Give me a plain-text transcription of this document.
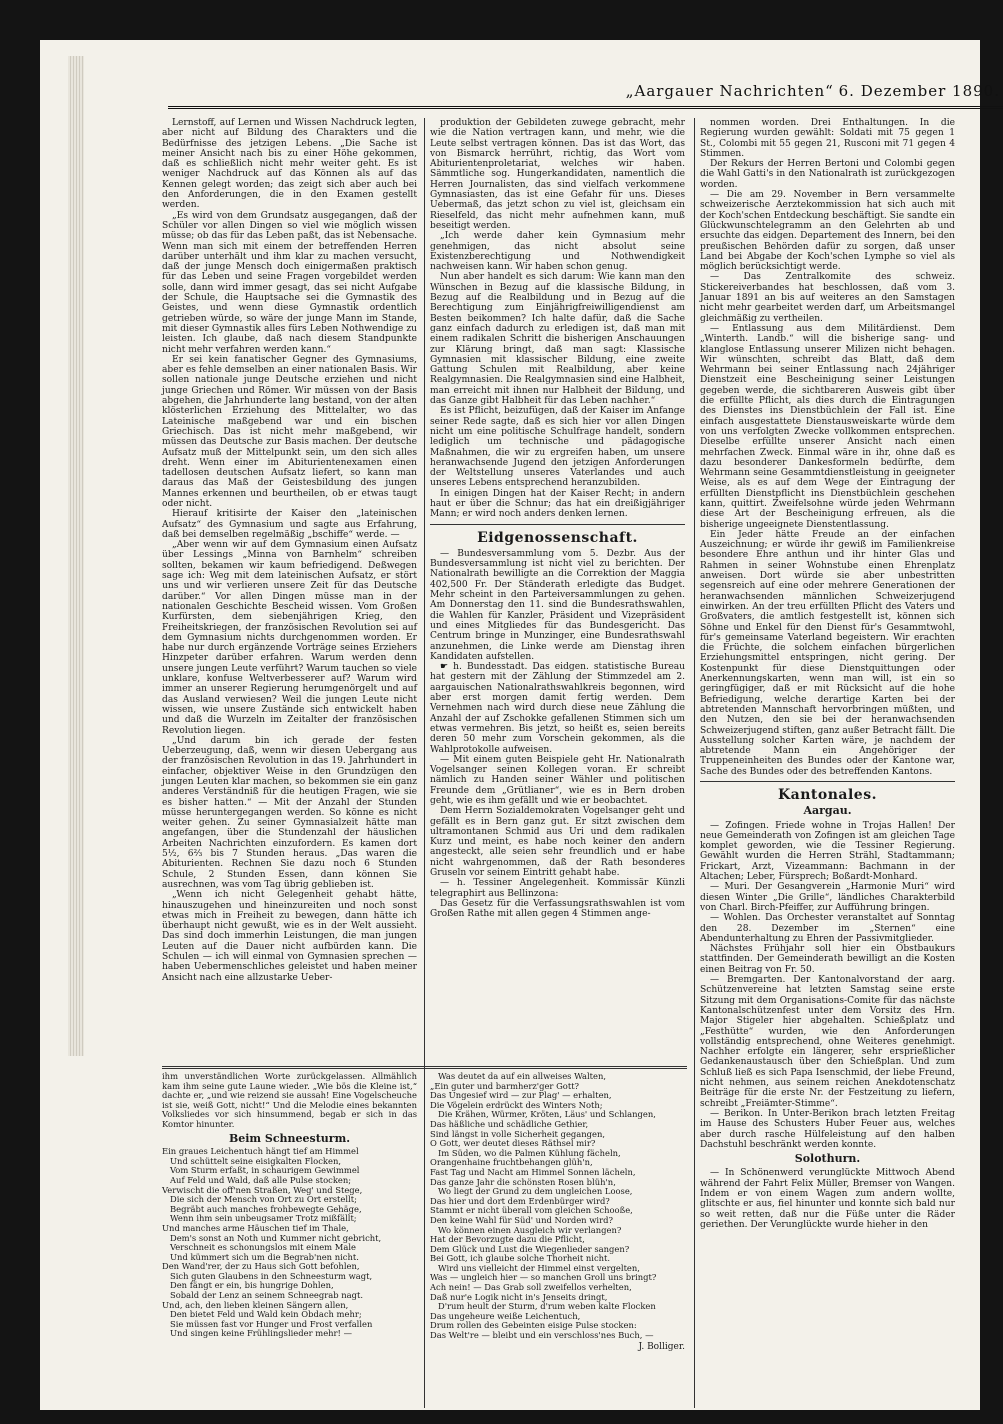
„Aargauer Nachrichten“ 6. Dezember 1890.

Lernstoff, auf Lernen und Wissen Nachdruck legten, aber nicht auf Bildung des Charakters und die Bedürfnisse des jetzigen Lebens. „Die Sache ist meiner Ansicht nach bis zu einer Höhe gekommen, daß es schließlich nicht mehr weiter geht. Es ist weniger Nachdruck auf das Können als auf das Kennen gelegt worden; das zeigt sich aber auch bei den Anforderungen, die in den Examen gestellt werden.

„Es wird von dem Grundsatz ausgegangen, daß der Schüler vor allen Dingen so viel wie möglich wissen müsse; ob das für das Leben paßt, das ist Nebensache. Wenn man sich mit einem der betreffenden Herren darüber unterhält und ihm klar zu machen versucht, daß der junge Mensch doch einigermaßen praktisch für das Leben und seine Fragen vorgebildet werden solle, dann wird immer gesagt, das sei nicht Aufgabe der Schule, die Hauptsache sei die Gymnastik des Geistes, und wenn diese Gymnastik ordentlich getrieben würde, so wäre der junge Mann im Stande, mit dieser Gymnastik alles fürs Leben Nothwendige zu leisten. Ich glaube, daß nach diesem Standpunkte nicht mehr verfahren werden kann.“

Er sei kein fanatischer Gegner des Gymnasiums, aber es fehle demselben an einer nationalen Basis. Wir sollen nationale junge Deutsche erziehen und nicht junge Griechen und Römer. Wir müssen von der Basis abgehen, die Jahrhunderte lang bestand, von der alten klösterlichen Erziehung des Mittelalter, wo das Lateinische maßgebend war und ein bischen Griechisch. Das ist nicht mehr maßgebend, wir müssen das Deutsche zur Basis machen. Der deutsche Aufsatz muß der Mittelpunkt sein, um den sich alles dreht. Wenn einer im Abiturientenexamen einen tadellosen deutschen Aufsatz liefert, so kann man daraus das Maß der Geistesbildung des jungen Mannes erkennen und beurtheilen, ob er etwas taugt oder nicht.

Hierauf kritisirte der Kaiser den „lateinischen Aufsatz“ des Gymnasium und sagte aus Erfahrung, daß bei demselben regelmäßig „bschiffe“ werde. —

„Aber wenn wir auf dem Gymnasium einen Aufsatz über Lessings „Minna von Barnhelm“ schreiben sollten, bekamen wir kaum befriedigend. Deßwegen sage ich: Weg mit dem lateinischen Aufsatz, er stört uns und wir verlieren unsere Zeit für das Deutsche darüber.“ Vor allen Dingen müsse man in der nationalen Geschichte Bescheid wissen. Vom Großen Kurfürsten, dem siebenjährigen Krieg, den Freiheitskriegen, der französischen Revolution sei auf dem Gymnasium nichts durchgenommen worden. Er habe nur durch ergänzende Vorträge seines Erziehers Hinzpeter darüber erfahren. Warum werden denn unsere jungen Leute verführt? Warum tauchen so viele unklare, konfuse Weltverbesserer auf? Warum wird immer an unserer Regierung herumgenörgelt und auf das Ausland verwiesen? Weil die jungen Leute nicht wissen, wie unsere Zustände sich entwickelt haben und daß die Wurzeln im Zeitalter der französischen Revolution liegen.

„Und darum bin ich gerade der festen Ueberzeugung, daß, wenn wir diesen Uebergang aus der französischen Revolution in das 19. Jahrhundert in einfacher, objektiver Weise in den Grundzügen den jungen Leuten klar machen, so bekommen sie ein ganz anderes Verständniß für die heutigen Fragen, wie sie es bisher hatten.“ — Mit der Anzahl der Stunden müsse heruntergegangen werden. So könne es nicht weiter gehen. Zu seiner Gymnasialzeit hätte man angefangen, über die Stundenzahl der häuslichen Arbeiten Nachrichten einzufordern. Es kamen dort 5½, 6⅔ bis 7 Stunden heraus. „Das waren die Abiturienten. Rechnen Sie dazu noch 6 Stunden Schule, 2 Stunden Essen, dann können Sie ausrechnen, was vom Tag übrig geblieben ist.

„Wenn ich nicht Gelegenheit gehabt hätte, hinauszugehen und hineinzureiten und noch sonst etwas mich in Freiheit zu bewegen, dann hätte ich überhaupt nicht gewußt, wie es in der Welt aussieht. Das sind doch immerhin Leistungen, die man jungen Leuten auf die Dauer nicht aufbürden kann. Die Schulen — ich will einmal von Gymnasien sprechen — haben Uebermenschliches geleistet und haben meiner Ansicht nach eine allzustarke Ueber-

produktion der Gebildeten zuwege gebracht, mehr wie die Nation vertragen kann, und mehr, wie die Leute selbst vertragen können. Das ist das Wort, das von Bismarck herrührt, richtig, das Wort vom Abiturientenproletariat, welches wir haben. Sämmtliche sog. Hungerkandidaten, namentlich die Herren Journalisten, das sind vielfach verkommene Gymnasiasten, das ist eine Gefahr für uns. Dieses Uebermaß, das jetzt schon zu viel ist, gleichsam ein Rieselfeld, das nicht mehr aufnehmen kann, muß beseitigt werden.

„Ich werde daher kein Gymnasium mehr genehmigen, das nicht absolut seine Existenzberechtigung und Nothwendigkeit nachweisen kann. Wir haben schon genug.

Nun aber handelt es sich darum: Wie kann man den Wünschen in Bezug auf die klassische Bildung, in Bezug auf die Realbildung und in Bezug auf die Berechtigung zum Einjährigfreiwilligendienst am Besten beikommen? Ich halte dafür, daß die Sache ganz einfach dadurch zu erledigen ist, daß man mit einem radikalen Schritt die bisherigen Anschauungen zur Klärung bringt, daß man sagt: Klassische Gymnasien mit klassischer Bildung, eine zweite Gattung Schulen mit Realbildung, aber keine Realgymnasien. Die Realgymnasien sind eine Halbheit, man erreicht mit ihnen nur Halbheit der Bildung, und das Ganze gibt Halbheit für das Leben nachher.“

Es ist Pflicht, beizufügen, daß der Kaiser im Anfange seiner Rede sagte, daß es sich hier vor allen Dingen nicht um eine politische Schulfrage handelt, sondern lediglich um technische und pädagogische Maßnahmen, die wir zu ergreifen haben, um unsere heranwachsende Jugend den jetzigen Anforderungen der Weltstellung unseres Vaterlandes und auch unseres Lebens entsprechend heranzubilden.

In einigen Dingen hat der Kaiser Recht; in andern haut er über die Schnur; das hat ein dreißigjähriger Mann; er wird noch anders denken lernen.

Eidgenossenschaft.

— Bundesversammlung vom 5. Dezbr. Aus der Bundesversammlung ist nicht viel zu berichten. Der Nationalrath bewilligte an die Correktion der Maggia 402,500 Fr. Der Ständerath erledigte das Budget. Mehr scheint in den Parteiversammlungen zu gehen. Am Donnerstag den 11. sind die Bundesrathswahlen, die Wahlen für Kanzler, Präsident und Vizepräsident und eines Mitgliedes für das Bundesgericht. Das Centrum bringe in Munzinger, eine Bundesrathswahl anzunehmen, die Linke werde am Dienstag ihren Kandidaten aufstellen.

☛ h. Bundesstadt. Das eidgen. statistische Bureau hat gestern mit der Zählung der Stimmzedel am 2. aargauischen Nationalrathswahlkreis begonnen, wird aber erst morgen damit fertig werden. Dem Vernehmen nach wird durch diese neue Zählung die Anzahl der auf Zschokke gefallenen Stimmen sich um etwas vermehren. Bis jetzt, so heißt es, seien bereits deren 50 mehr zum Vorschein gekommen, als die Wahlprotokolle aufweisen.

— Mit einem guten Beispiele geht Hr. Nationalrath Vogelsanger seinen Kollegen voran. Er schreibt nämlich zu Handen seiner Wähler und politischen Freunde dem „Grütlianer“, wie es in Bern droben geht, wie es ihm gefällt und wie er beobachtet.

Dem Herrn Sozialdemokraten Vogelsanger geht und gefällt es in Bern ganz gut. Er sitzt zwischen dem ultramontanen Schmid aus Uri und dem radikalen Kurz und meint, es habe noch keiner den andern angesteckt, alle seien sehr freundlich und er habe nicht wahrgenommen, daß der Rath besonderes Gruseln vor seinem Eintritt gehabt habe.

— h. Tessiner Angelegenheit. Kommissär Künzli telegraphirt aus Bellinzona:

Das Gesetz für die Verfassungsrathswahlen ist vom Großen Rathe mit allen gegen 4 Stimmen ange-

nommen worden. Drei Enthaltungen. In die Regierung wurden gewählt: Soldati mit 75 gegen 1 St., Colombi mit 55 gegen 21, Rusconi mit 71 gegen 4 Stimmen.

Der Rekurs der Herren Bertoni und Colombi gegen die Wahl Gatti's in den Nationalrath ist zurückgezogen worden.

— Die am 29. November in Bern versammelte schweizerische Aerztekommission hat sich auch mit der Koch'schen Entdeckung beschäftigt. Sie sandte ein Glückwunschtelegramm an den Gelehrten ab und ersuchte das eidgen. Departement des Innern, bei den preußischen Behörden dafür zu sorgen, daß unser Land bei Abgabe der Koch'schen Lymphe so viel als möglich berücksichtigt werde.

— Das Zentralkomite des schweiz. Stickereiverbandes hat beschlossen, daß vom 3. Januar 1891 an bis auf weiteres an den Samstagen nicht mehr gearbeitet werden darf, um Arbeitsmangel gleichmäßig zu vertheilen.

— Entlassung aus dem Militärdienst. Dem „Winterth. Landb.“ will die bisherige sang- und klanglose Entlassung unserer Milizen nicht behagen. Wir wünschten, schreibt das Blatt, daß dem Wehrmann bei seiner Entlassung nach 24jähriger Dienstzeit eine Bescheinigung seiner Leistungen gegeben werde, die sichtbareren Ausweis gibt über die erfüllte Pflicht, als dies durch die Eintragungen des Dienstes ins Dienstbüchlein der Fall ist. Eine einfach ausgestattete Dienstausweiskarte würde dem von uns verfolgten Zwecke vollkommen entsprechen. Dieselbe erfüllte unserer Ansicht nach einen mehrfachen Zweck. Einmal wäre in ihr, ohne daß es dazu besonderer Dankesformeln bedürfte, dem Wehrmann seine Gesammtdienstleistung in geeigneter Weise, als es auf dem Wege der Eintragung der erfüllten Dienstpflicht ins Dienstbüchlein geschehen kann, quittirt. Zweifelsohne würde jeden Wehrmann diese Art der Bescheinigung erfreuen, als die bisherige ungeeignete Dienstentlassung.

Ein Jeder hätte Freude an der einfachen Auszeichnung; er würde ihr gewiß im Familienkreise besondere Ehre anthun und ihr hinter Glas und Rahmen in seiner Wohnstube einen Ehrenplatz anweisen. Dort würde sie aber unbestritten segensreich auf eine oder mehrere Generationen der heranwachsenden männlichen Schweizerjugend einwirken. An der treu erfüllten Pflicht des Vaters und Großvaters, die amtlich festgestellt ist, können sich Söhne und Enkel für den Dienst für's Gesammtwohl, für's gemeinsame Vaterland begeistern. Wir erachten die Früchte, die solchem einfachen bürgerlichen Erziehungsmittel entspringen, nicht gering. Der Kostenpunkt für diese Dienstquittungen oder Anerkennungskarten, wenn man will, ist ein so geringfügiger, daß er mit Rücksicht auf die hohe Befriedigung, welche derartige Karten bei der abtretenden Mannschaft hervorbringen müßten, und den Nutzen, den sie bei der heranwachsenden Schweizerjugend stiften, ganz außer Betracht fällt. Die Ausstellung solcher Karten wäre, je nachdem der abtretende Mann ein Angehöriger der Truppeneinheiten des Bundes oder der Kantone war, Sache des Bundes oder des betreffenden Kantons.

Kantonales.
Aargau.

— Zofingen. Friede wohne in Trojas Hallen! Der neue Gemeinderath von Zofingen ist am gleichen Tage komplet geworden, wie die Tessiner Regierung. Gewählt wurden die Herren Strähl, Stadtammann; Frickart, Arzt, Vizeammann: Bachmann in der Altachen; Leber, Fürsprech; Boßardt-Monhard.

— Muri. Der Gesangverein „Harmonie Muri“ wird diesen Winter „Die Grille“, ländliches Charakterbild von Charl. Birch-Pfeiffer, zur Aufführung bringen.

— Wohlen. Das Orchester veranstaltet auf Sonntag den 28. Dezember im „Sternen“ eine Abendunterhaltung zu Ehren der Passivmitglieder.

Nächstes Frühjahr soll hier ein Obstbaukurs stattfinden. Der Gemeinderath bewilligt an die Kosten einen Beitrag von Fr. 50.

— Bremgarten. Der Kantonalvorstand der aarg. Schützenvereine hat letzten Samstag seine erste Sitzung mit dem Organisations-Comite für das nächste Kantonalschützenfest unter dem Vorsitz des Hrn. Major Stigeler hier abgehalten. Schießplatz und „Festhütte“ wurden, wie den Anforderungen vollständig entsprechend, ohne Weiteres genehmigt. Nachher erfolgte ein längerer, sehr ersprießlicher Gedankenaustausch über den Schießplan. Und zum Schluß ließ es sich Papa Isenschmid, der liebe Freund, nicht nehmen, aus seinem reichen Anekdotenschatz Beiträge für die erste Nr. der Festzeitung zu liefern, schreibt „Freiämter-Stimme“.

— Berikon. In Unter-Berikon brach letzten Freitag im Hause des Schusters Huber Feuer aus, welches aber durch rasche Hülfeleistung auf den halben Dachstuhl beschränkt werden konnte.

Solothurn.

— In Schönenwerd verunglückte Mittwoch Abend während der Fahrt Felix Müller, Bremser von Wangen. Indem er von einem Wagen zum andern wollte, glitschte er aus, fiel hinunter und konnte sich bald nur so weit retten, daß nur die Füße unter die Räder geriethen. Der Verunglückte wurde hieher in den

ihm unverständlichen Worte zurückgelassen. Allmählich kam ihm seine gute Laune wieder. „Wie bös die Kleine ist,“ dachte er, „und wie reizend sie aussah! Eine Vogelscheuche ist sie, weiß Gott, nicht!“ Und die Melodie eines bekannten Volksliedes vor sich hinsummend, begab er sich in das Komtor hinunter.

Beim Schneesturm.

Ein graues Leichentuch hängt tief am Himmel

Und schüttelt seine eisigkalten Flocken,

Vom Sturm erfaßt, in schaurigem Gewimmel

Auf Feld und Wald, daß alle Pulse stocken;

Verwischt die off'nen Straßen, Weg' und Stege,

Die sich der Mensch von Ort zu Ort erstellt;

Begräbt auch manches frohbewegte Gehäge,

Wenn ihm sein unbeugsamer Trotz mißfällt;

Und manches arme Häuschen tief im Thale,

Dem's sonst an Noth und Kummer nicht gebricht,

Verschneit es schonungslos mit einem Male

Und kümmert sich um die Begrab'nen nicht.

Den Wand'rer, der zu Haus sich Gott befohlen,

Sich guten Glaubens in den Schneesturm wagt,

Den fängt er ein, bis hungrige Dohlen,

Sobald der Lenz an seinem Schneegrab nagt.

Und, ach, den lieben kleinen Sängern allen,

Den bietet Feld und Wald kein Obdach mehr;

Sie müssen fast vor Hunger und Frost verfallen

Und singen keine Frühlingslieder mehr! —

Was deutet da auf ein allweises Walten,

„Ein guter und barmherz'ger Gott?

Das Ungesief wird — zur Plag' — erhalten,

Die Vögelein erdrückt des Winters Noth;

Die Krähen, Würmer, Kröten, Läus' und Schlangen,

Das häßliche und schädliche Gethier,

Sind längst in volle Sicherheit gegangen,

O Gott, wer deutet dieses Räthsel mir?

Im Süden, wo die Palmen Kühlung fächeln,

Orangenhaine fruchtbehangen glüh'n,

Fast Tag und Nacht am Himmel Sonnen lächeln,

Das ganze Jahr die schönsten Rosen blüh'n,

Wo liegt der Grund zu dem ungleichen Loose,

Das hier und dort dem Erdenbürger wird?

Stammt er nicht überall vom gleichen Schooße,

Den keine Wahl für Süd' und Norden wird?

Wo können einen Ausgleich wir verlangen?

Hat der Bevorzugte dazu die Pflicht,

Dem Glück und Lust die Wiegenlieder sangen?

Bei Gott, ich glaube solche Thorheit nicht.

Wird uns vielleicht der Himmel einst vergelten,

Was — ungleich hier — so manchen Groll uns bringt?

Ach nein! — Das Grab soll zweifellos verhelten,

Daß nur'e Logik nicht in's Jenseits dringt,

D'rum heult der Sturm, d'rum weben kalte Flocken

Das ungeheure weiße Leichentuch,

Drum rollen des Gebeinten eisige Pulse stocken:

Das Welt're — bleibt und ein verschloss'nes Buch, —

J. Bolliger.
